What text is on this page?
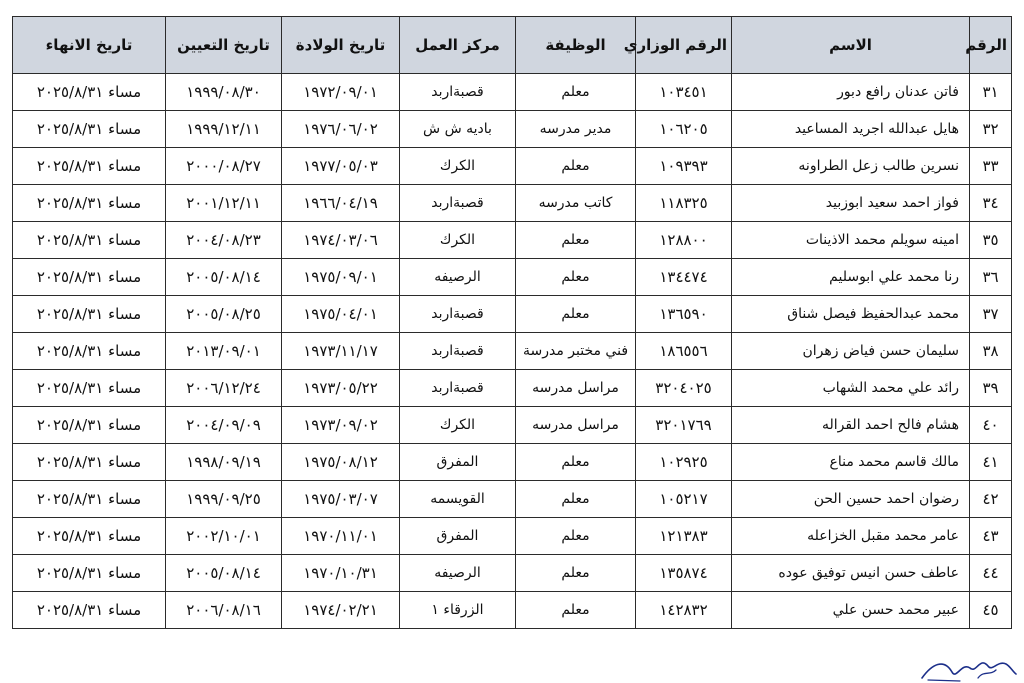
الرقم	الاسم	الرقم الوزاري	الوظيفة	مركز العمل	تاريخ الولادة	تاريخ التعيين	تاريخ الانهاء
٣١	فاتن عدنان رافع دبور	١٠٣٤٥١	معلم	قصبةاربد	١٩٧٢/٠٩/٠١	١٩٩٩/٠٨/٣٠	مساء ٢٠٢٥/٨/٣١
٣٢	هايل عبدالله اجريد المساعيد	١٠٦٢٠٥	مدير مدرسه	باديه ش ش	١٩٧٦/٠٦/٠٢	١٩٩٩/١٢/١١	مساء ٢٠٢٥/٨/٣١
٣٣	نسرين طالب زعل الطراونه	١٠٩٣٩٣	معلم	الكرك	١٩٧٧/٠٥/٠٣	٢٠٠٠/٠٨/٢٧	مساء ٢٠٢٥/٨/٣١
٣٤	فواز احمد سعيد ابوزبيد	١١٨٣٢٥	كاتب مدرسه	قصبةاربد	١٩٦٦/٠٤/١٩	٢٠٠١/١٢/١١	مساء ٢٠٢٥/٨/٣١
٣٥	امينه سويلم محمد الاذينات	١٢٨٨٠٠	معلم	الكرك	١٩٧٤/٠٣/٠٦	٢٠٠٤/٠٨/٢٣	مساء ٢٠٢٥/٨/٣١
٣٦	رنا محمد علي ابوسليم	١٣٤٤٧٤	معلم	الرصيفه	١٩٧٥/٠٩/٠١	٢٠٠٥/٠٨/١٤	مساء ٢٠٢٥/٨/٣١
٣٧	محمد عبدالحفيظ فيصل شناق	١٣٦٥٩٠	معلم	قصبةاربد	١٩٧٥/٠٤/٠١	٢٠٠٥/٠٨/٢٥	مساء ٢٠٢٥/٨/٣١
٣٨	سليمان حسن فياض زهران	١٨٦٥٥٦	فني مختبر مدرسة	قصبةاربد	١٩٧٣/١١/١٧	٢٠١٣/٠٩/٠١	مساء ٢٠٢٥/٨/٣١
٣٩	رائد علي محمد الشهاب	٣٢٠٤٠٢٥	مراسل مدرسه	قصبةاربد	١٩٧٣/٠٥/٢٢	٢٠٠٦/١٢/٢٤	مساء ٢٠٢٥/٨/٣١
٤٠	هشام فالح احمد القراله	٣٢٠١٧٦٩	مراسل مدرسه	الكرك	١٩٧٣/٠٩/٠٢	٢٠٠٤/٠٩/٠٩	مساء ٢٠٢٥/٨/٣١
٤١	مالك قاسم محمد مناع	١٠٢٩٢٥	معلم	المفرق	١٩٧٥/٠٨/١٢	١٩٩٨/٠٩/١٩	مساء ٢٠٢٥/٨/٣١
٤٢	رضوان احمد حسين الحن	١٠٥٢١٧	معلم	القويسمه	١٩٧٥/٠٣/٠٧	١٩٩٩/٠٩/٢٥	مساء ٢٠٢٥/٨/٣١
٤٣	عامر محمد مقبل الخزاعله	١٢١٣٨٣	معلم	المفرق	١٩٧٠/١١/٠١	٢٠٠٢/١٠/٠١	مساء ٢٠٢٥/٨/٣١
٤٤	عاطف حسن انيس توفيق عوده	١٣٥٨٧٤	معلم	الرصيفه	١٩٧٠/١٠/٣١	٢٠٠٥/٠٨/١٤	مساء ٢٠٢٥/٨/٣١
٤٥	عبير محمد حسن علي	١٤٢٨٣٢	معلم	الزرقاء ١	١٩٧٤/٠٢/٢١	٢٠٠٦/٠٨/١٦	مساء ٢٠٢٥/٨/٣١
